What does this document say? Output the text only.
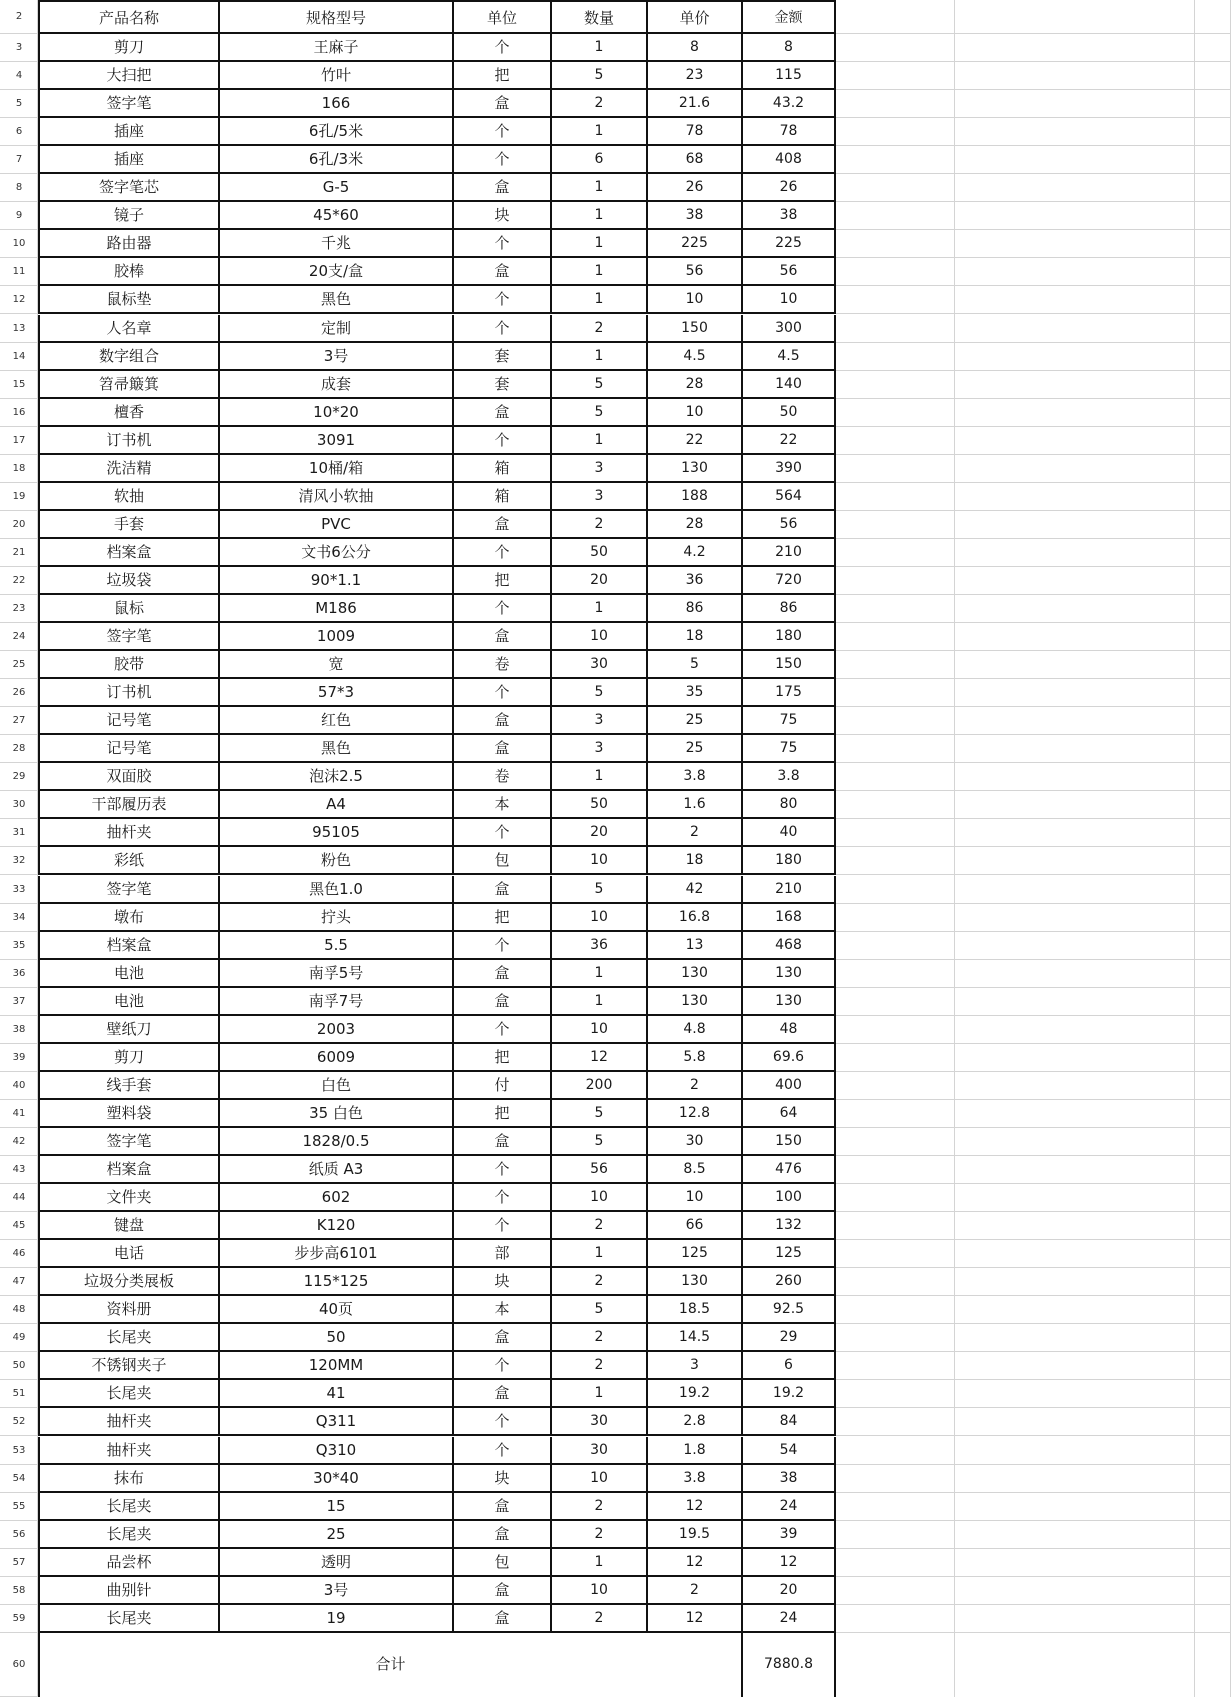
2	产品名称	规格型号	单位	数量	单价	金额
3	剪刀	王麻子	个	1	8	8
4	大扫把	竹叶	把	5	23	115
5	签字笔	166	盒	2	21.6	43.2
6	插座	6孔/5米	个	1	78	78
7	插座	6孔/3米	个	6	68	408
8	签字笔芯	G-5	盒	1	26	26
9	镜子	45*60	块	1	38	38
10	路由器	千兆	个	1	225	225
11	胶棒	20支/盒	盒	1	56	56
12	鼠标垫	黑色	个	1	10	10
13	人名章	定制	个	2	150	300
14	数字组合	3号	套	1	4.5	4.5
15	笤帚簸箕	成套	套	5	28	140
16	檀香	10*20	盒	5	10	50
17	订书机	3091	个	1	22	22
18	洗洁精	10桶/箱	箱	3	130	390
19	软抽	清风小软抽	箱	3	188	564
20	手套	PVC	盒	2	28	56
21	档案盒	文书6公分	个	50	4.2	210
22	垃圾袋	90*1.1	把	20	36	720
23	鼠标	M186	个	1	86	86
24	签字笔	1009	盒	10	18	180
25	胶带	宽	卷	30	5	150
26	订书机	57*3	个	5	35	175
27	记号笔	红色	盒	3	25	75
28	记号笔	黑色	盒	3	25	75
29	双面胶	泡沫2.5	卷	1	3.8	3.8
30	干部履历表	A4	本	50	1.6	80
31	抽杆夹	95105	个	20	2	40
32	彩纸	粉色	包	10	18	180
33	签字笔	黑色1.0	盒	5	42	210
34	墩布	拧头	把	10	16.8	168
35	档案盒	5.5	个	36	13	468
36	电池	南孚5号	盒	1	130	130
37	电池	南孚7号	盒	1	130	130
38	壁纸刀	2003	个	10	4.8	48
39	剪刀	6009	把	12	5.8	69.6
40	线手套	白色	付	200	2	400
41	塑料袋	35 白色	把	5	12.8	64
42	签字笔	1828/0.5	盒	5	30	150
43	档案盒	纸质 A3	个	56	8.5	476
44	文件夹	602	个	10	10	100
45	键盘	K120	个	2	66	132
46	电话	步步高6101	部	1	125	125
47	垃圾分类展板	115*125	块	2	130	260
48	资料册	40页	本	5	18.5	92.5
49	长尾夹	50	盒	2	14.5	29
50	不锈钢夹子	120MM	个	2	3	6
51	长尾夹	41	盒	1	19.2	19.2
52	抽杆夹	Q311	个	30	2.8	84
53	抽杆夹	Q310	个	30	1.8	54
54	抹布	30*40	块	10	3.8	38
55	长尾夹	15	盒	2	12	24
56	长尾夹	25	盒	2	19.5	39
57	品尝杯	透明	包	1	12	12
58	曲别针	3号	盒	10	2	20
59	长尾夹	19	盒	2	12	24
60	合计	7880.8
